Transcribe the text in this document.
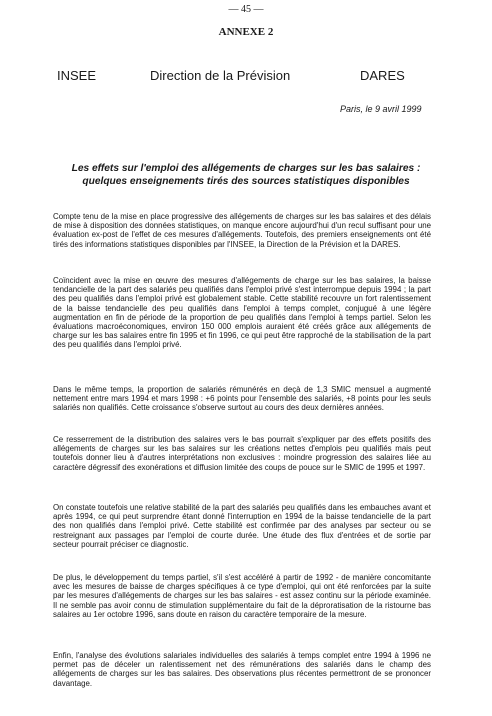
— 45 —
ANNEXE 2
INSEE	Direction de la Prévision	DARES
Paris, le 9 avril 1999
Les effets sur l'emploi des allégements de charges sur les bas salaires :
quelques enseignements tirés des sources statistiques disponibles
Compte tenu de la mise en place progressive des allégements de charges sur les bas salaires et des délais de mise à disposition des données statistiques, on manque encore aujourd'hui d'un recul suffisant pour une évaluation ex-post de l'effet de ces mesures d'allégements. Toutefois, des premiers enseignements ont été tirés des informations statistiques disponibles par l'INSEE, la Direction de la Prévision et la DARES.
Coïncident avec la mise en œuvre des mesures d'allégements de charge sur les bas salaires, la baisse tendancielle de la part des salariés peu qualifiés dans l'emploi privé s'est interrompue depuis 1994 ; la part des peu qualifiés dans l'emploi privé est globalement stable. Cette stabilité recouvre un fort ralentissement de la baisse tendancielle des peu qualifiés dans l'emploi à temps complet, conjugué à une légère augmentation en fin de période de la proportion de peu qualifiés dans l'emploi à temps partiel. Selon les évaluations macroéconomiques, environ 150 000 emplois auraient été créés grâce aux allégements de charge sur les bas salaires entre fin 1995 et fin 1996, ce qui peut être rapproché de la stabilisation de la part des peu qualifiés dans l'emploi privé.
Dans le même temps, la proportion de salariés rémunérés en deçà de 1,3 SMIC mensuel a augmenté nettement entre mars 1994 et mars 1998 : +6 points pour l'ensemble des salariés, +8 points pour les seuls salariés non qualifiés. Cette croissance s'observe surtout au cours des deux dernières années.
Ce resserrement de la distribution des salaires vers le bas pourrait s'expliquer par des effets positifs des allégements de charges sur les bas salaires sur les créations nettes d'emplois peu qualifiés mais peut toutefois donner lieu à d'autres interprétations non exclusives : moindre progression des salaires liée au caractère dégressif des exonérations et diffusion limitée des coups de pouce sur le SMIC de 1995 et 1997.
On constate toutefois une relative stabilité de la part des salariés peu qualifiés dans les embauches avant et après 1994, ce qui peut surprendre étant donné l'interruption en 1994 de la baisse tendancielle de la part des non qualifiés dans l'emploi privé. Cette stabilité est confirmée par des analyses par secteur ou se restreignant aux passages par l'emploi de courte durée. Une étude des flux d'entrées et de sortie par secteur pourrait préciser ce diagnostic.
De plus, le développement du temps partiel, s'il s'est accéléré à partir de 1992 - de manière concomitante avec les mesures de baisse de charges spécifiques à ce type d'emploi, qui ont été renforcées par la suite par les mesures d'allégements de charges sur les bas salaires - est assez continu sur la période examinée. Il ne semble pas avoir connu de stimulation supplémentaire du fait de la déproratisation de la ristourne bas salaires au 1er octobre 1996, sans doute en raison du caractère temporaire de la mesure.
Enfin, l'analyse des évolutions salariales individuelles des salariés à temps complet entre 1994 à 1996 ne permet pas de déceler un ralentissement net des rémunérations des salariés dans le champ des allégements de charges sur les bas salaires. Des observations plus récentes permettront de se prononcer davantage.
